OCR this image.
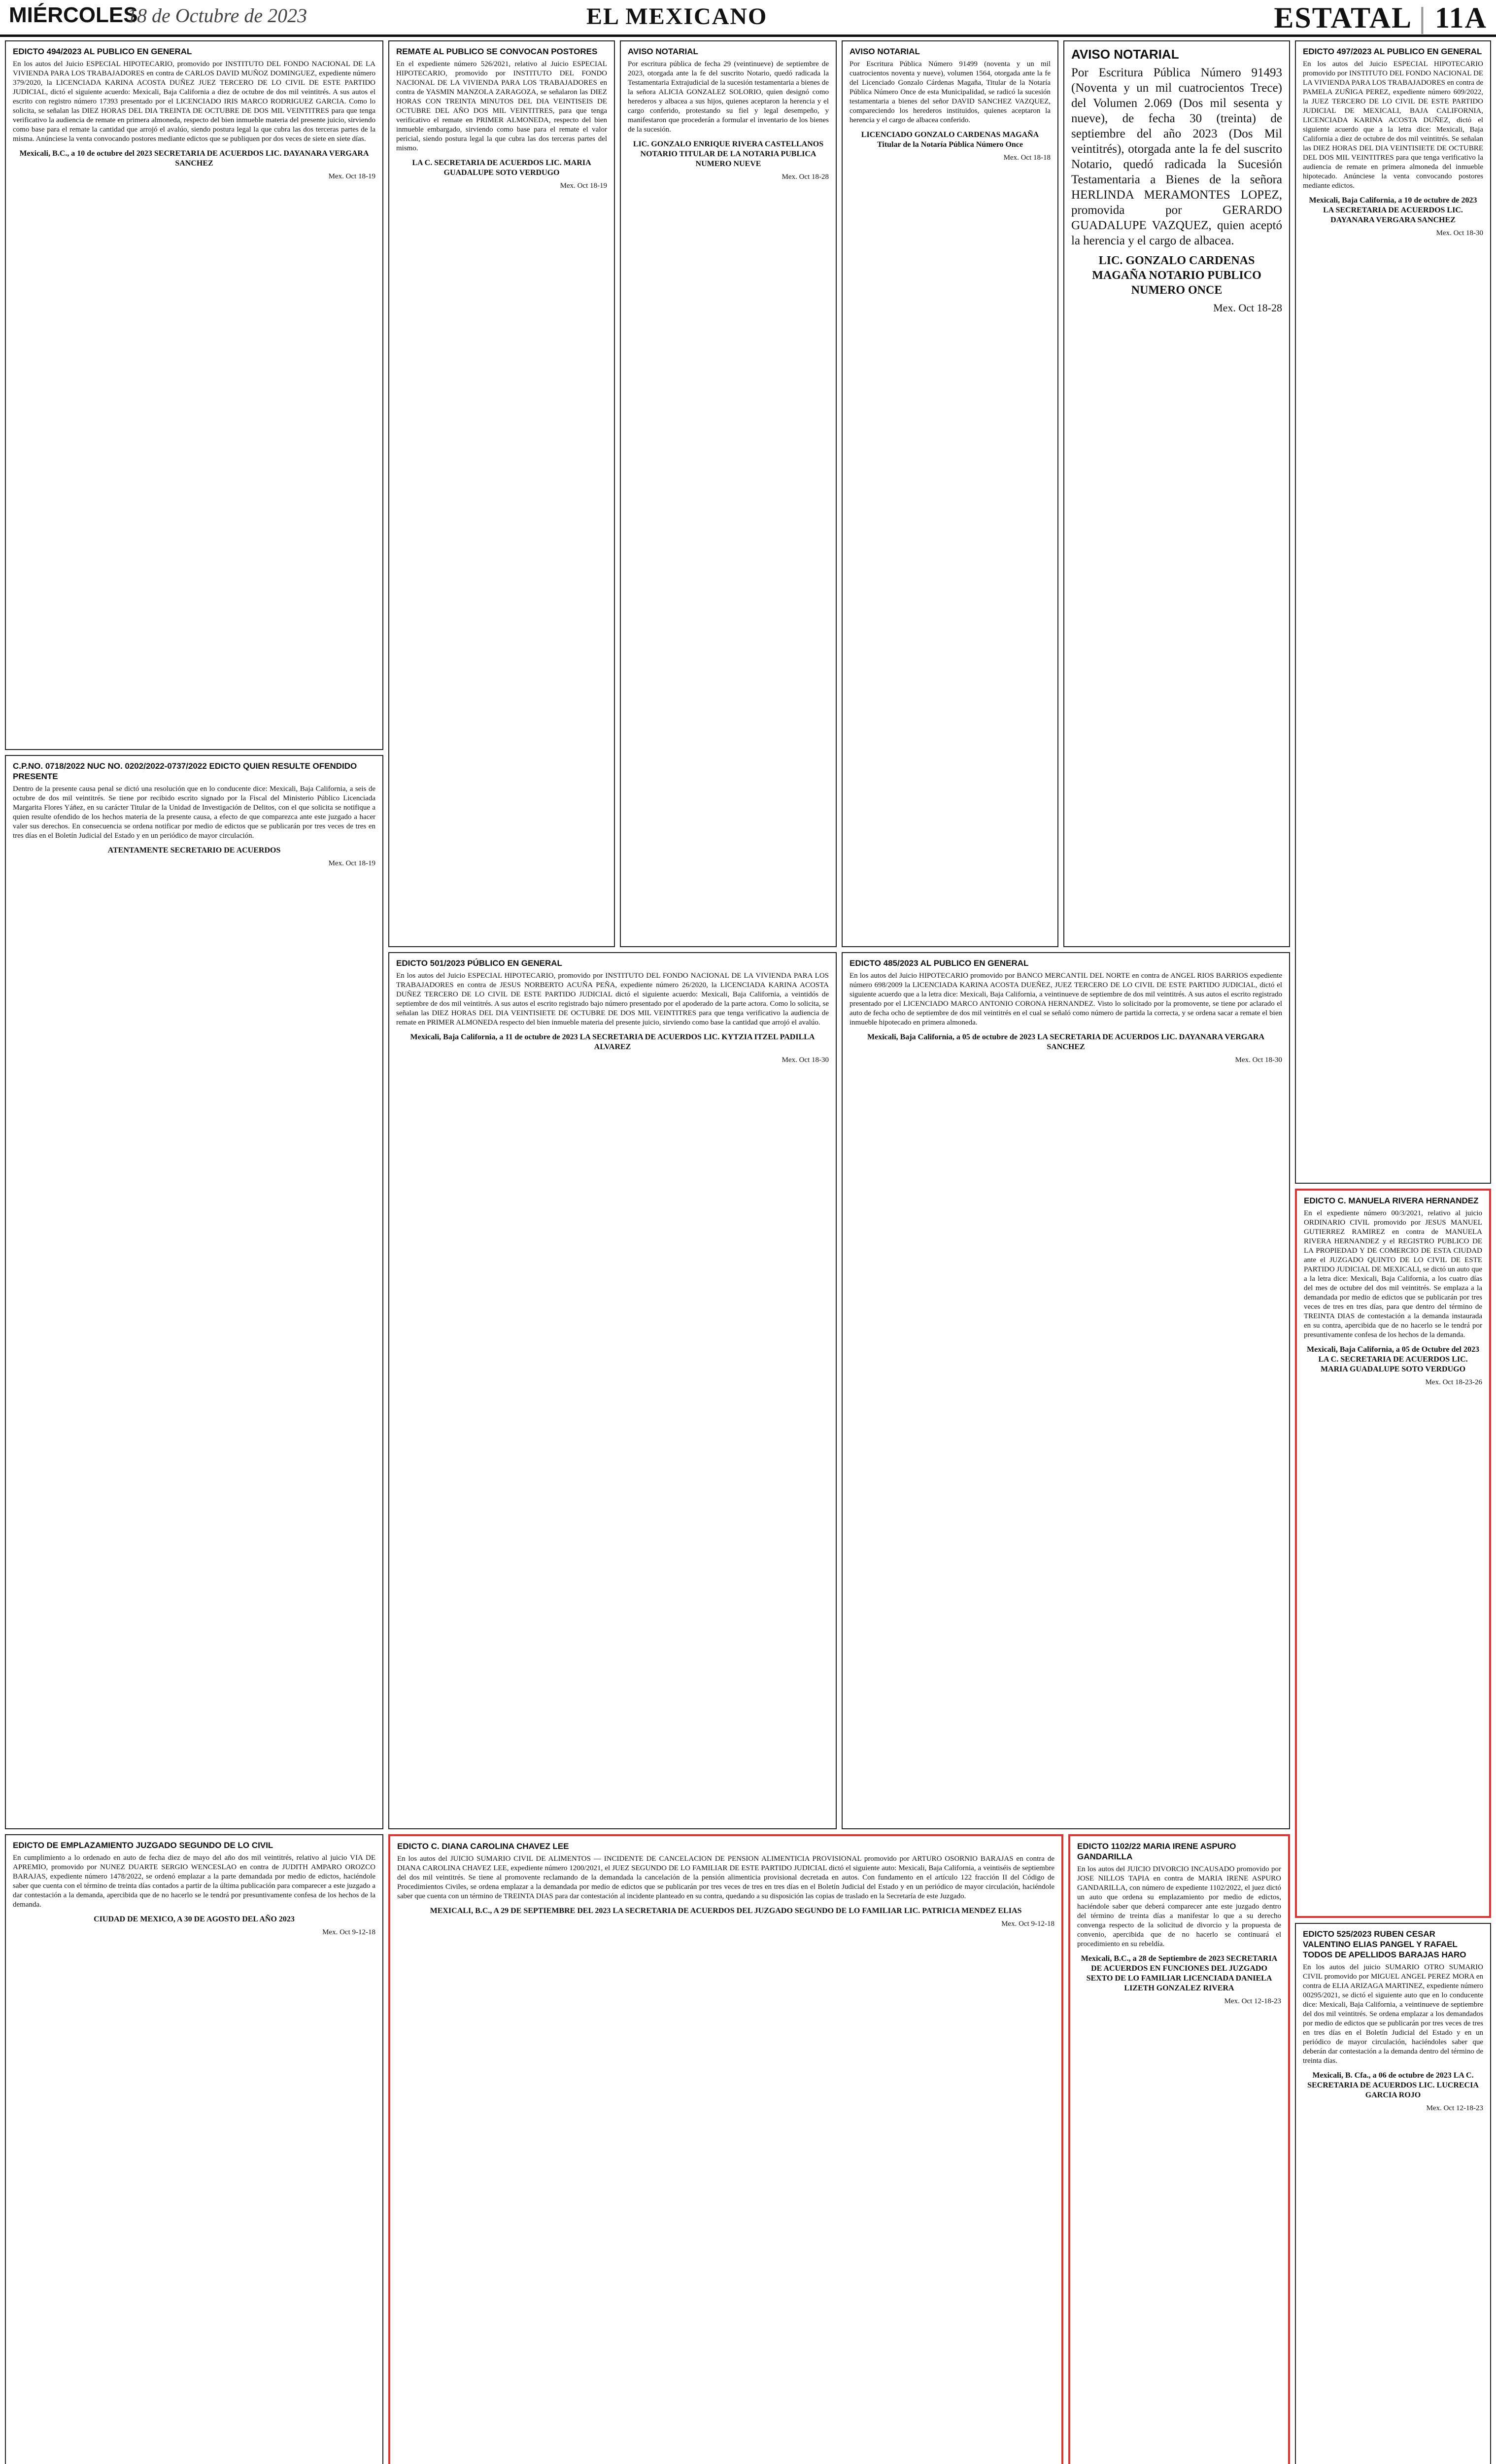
MIÉRCOLES
18 de Octubre de 2023	EL MEXICANO	ESTATAL | 11A
EDICTO 494/2023 AL PUBLICO EN GENERAL
En los autos del Juicio ESPECIAL HIPOTECARIO, promovido por INSTITUTO DEL FONDO NACIONAL DE LA VIVIENDA PARA LOS TRABAJADORES en contra de CARLOS DAVID MUÑOZ DOMINGUEZ, expediente número 379/2020, la LICENCIADA KARINA ACOSTA DUÑEZ JUEZ TERCERO DE LO CIVIL DE ESTE PARTIDO JUDICIAL, dictó el siguiente acuerdo: Mexicali, Baja California a diez de octubre de dos mil veintitrés. A sus autos el escrito con registro número 17393 presentado por el LICENCIADO IRIS MARCO RODRIGUEZ GARCIA. Como lo solicita, se señalan las DIEZ HORAS DEL DIA TREINTA DE OCTUBRE DE DOS MIL VEINTITRES para que tenga verificativo la audiencia de remate en primera almoneda, respecto del bien inmueble materia del presente juicio, sirviendo como base para el remate la cantidad que arrojó el avalúo, siendo postura legal la que cubra las dos terceras partes de la misma. Anúnciese la venta convocando postores mediante edictos que se publiquen por dos veces de siete en siete días.
Mexicali, B.C., a 10 de octubre del 2023 SECRETARIA DE ACUERDOS LIC. DAYANARA VERGARA SANCHEZ
Mex. Oct 18-19
REMATE AL PUBLICO SE CONVOCAN POSTORES
En el expediente número 526/2021, relativo al Juicio ESPECIAL HIPOTECARIO, promovido por INSTITUTO DEL FONDO NACIONAL DE LA VIVIENDA PARA LOS TRABAJADORES en contra de YASMIN MANZOLA ZARAGOZA, se señalaron las DIEZ HORAS CON TREINTA MINUTOS DEL DIA VEINTISEIS DE OCTUBRE DEL AÑO DOS MIL VEINTITRES, para que tenga verificativo el remate en PRIMER ALMONEDA, respecto del bien inmueble embargado, sirviendo como base para el remate el valor pericial, siendo postura legal la que cubra las dos terceras partes del mismo.
LA C. SECRETARIA DE ACUERDOS LIC. MARIA GUADALUPE SOTO VERDUGO
Mex. Oct 18-19
AVISO NOTARIAL
Por escritura pública de fecha 29 (veintinueve) de septiembre de 2023, otorgada ante la fe del suscrito Notario, quedó radicada la Testamentaria Extrajudicial de la sucesión testamentaria a bienes de la señora ALICIA GONZALEZ SOLORIO, quien designó como herederos y albacea a sus hijos, quienes aceptaron la herencia y el cargo conferido, protestando su fiel y legal desempeño, y manifestaron que procederán a formular el inventario de los bienes de la sucesión.
LIC. GONZALO ENRIQUE RIVERA CASTELLANOS NOTARIO TITULAR DE LA NOTARIA PUBLICA NUMERO NUEVE
Mex. Oct 18-28
AVISO NOTARIAL
Por Escritura Pública Número 91499 (noventa y un mil cuatrocientos noventa y nueve), volumen 1564, otorgada ante la fe del Licenciado Gonzalo Cárdenas Magaña, Titular de la Notaría Pública Número Once de esta Municipalidad, se radicó la sucesión testamentaria a bienes del señor DAVID SANCHEZ VAZQUEZ, compareciendo los herederos instituidos, quienes aceptaron la herencia y el cargo de albacea conferido.
LICENCIADO GONZALO CARDENAS MAGAÑA Titular de la Notaría Pública Número Once
Mex. Oct 18-18
AVISO NOTARIAL
Por Escritura Pública Número 91493 (Noventa y un mil cuatrocientos Trece) del Volumen 2.069 (Dos mil sesenta y nueve), de fecha 30 (treinta) de septiembre del año 2023 (Dos Mil veintitrés), otorgada ante la fe del suscrito Notario, quedó radicada la Sucesión Testamentaria a Bienes de la señora HERLINDA MERAMONTES LOPEZ, promovida por GERARDO GUADALUPE VAZQUEZ, quien aceptó la herencia y el cargo de albacea.
LIC. GONZALO CARDENAS MAGAÑA NOTARIO PUBLICO NUMERO ONCE
Mex. Oct 18-28
EDICTO 497/2023 AL PUBLICO EN GENERAL
En los autos del Juicio ESPECIAL HIPOTECARIO promovido por INSTITUTO DEL FONDO NACIONAL DE LA VIVIENDA PARA LOS TRABAJADORES en contra de PAMELA ZUÑIGA PEREZ, expediente número 609/2022, la JUEZ TERCERO DE LO CIVIL DE ESTE PARTIDO JUDICIAL DE MEXICALI, BAJA CALIFORNIA, LICENCIADA KARINA ACOSTA DUÑEZ, dictó el siguiente acuerdo que a la letra dice: Mexicali, Baja California a diez de octubre de dos mil veintitrés. Se señalan las DIEZ HORAS DEL DIA VEINTISIETE DE OCTUBRE DEL DOS MIL VEINTITRES para que tenga verificativo la audiencia de remate en primera almoneda del inmueble hipotecado. Anúnciese la venta convocando postores mediante edictos.
Mexicali, Baja California, a 10 de octubre de 2023 LA SECRETARIA DE ACUERDOS LIC. DAYANARA VERGARA SANCHEZ
Mex. Oct 18-30
C.P.NO. 0718/2022 NUC NO. 0202/2022-0737/2022 EDICTO QUIEN RESULTE OFENDIDO PRESENTE
Dentro de la presente causa penal se dictó una resolución que en lo conducente dice: Mexicali, Baja California, a seis de octubre de dos mil veintitrés. Se tiene por recibido escrito signado por la Fiscal del Ministerio Público Licenciada Margarita Flores Yáñez, en su carácter Titular de la Unidad de Investigación de Delitos, con el que solicita se notifique a quien resulte ofendido de los hechos materia de la presente causa, a efecto de que comparezca ante este juzgado a hacer valer sus derechos. En consecuencia se ordena notificar por medio de edictos que se publicarán por tres veces de tres en tres días en el Boletín Judicial del Estado y en un periódico de mayor circulación.
ATENTAMENTE SECRETARIO DE ACUERDOS
Mex. Oct 18-19
EDICTO 501/2023 PÚBLICO EN GENERAL
En los autos del Juicio ESPECIAL HIPOTECARIO, promovido por INSTITUTO DEL FONDO NACIONAL DE LA VIVIENDA PARA LOS TRABAJADORES en contra de JESUS NORBERTO ACUÑA PEÑA, expediente número 26/2020, la LICENCIADA KARINA ACOSTA DUÑEZ TERCERO DE LO CIVIL DE ESTE PARTIDO JUDICIAL dictó el siguiente acuerdo: Mexicali, Baja California, a veintidós de septiembre de dos mil veintitrés. A sus autos el escrito registrado bajo número presentado por el apoderado de la parte actora. Como lo solicita, se señalan las DIEZ HORAS DEL DIA VEINTISIETE DE OCTUBRE DE DOS MIL VEINTITRES para que tenga verificativo la audiencia de remate en PRIMER ALMONEDA respecto del bien inmueble materia del presente juicio, sirviendo como base la cantidad que arrojó el avalúo.
Mexicali, Baja California, a 11 de octubre de 2023 LA SECRETARIA DE ACUERDOS LIC. KYTZIA ITZEL PADILLA ALVAREZ
Mex. Oct 18-30
EDICTO 485/2023 AL PUBLICO EN GENERAL
En los autos del Juicio HIPOTECARIO promovido por BANCO MERCANTIL DEL NORTE en contra de ANGEL RIOS BARRIOS expediente número 698/2009 la LICENCIADA KARINA ACOSTA DUEÑEZ, JUEZ TERCERO DE LO CIVIL DE ESTE PARTIDO JUDICIAL, dictó el siguiente acuerdo que a la letra dice: Mexicali, Baja California, a veintinueve de septiembre de dos mil veintitrés. A sus autos el escrito registrado presentado por el LICENCIADO MARCO ANTONIO CORONA HERNANDEZ. Visto lo solicitado por la promovente, se tiene por aclarado el auto de fecha ocho de septiembre de dos mil veintitrés en el cual se señaló como número de partida la correcta, y se ordena sacar a remate el bien inmueble hipotecado en primera almoneda.
Mexicali, Baja California, a 05 de octubre de 2023 LA SECRETARIA DE ACUERDOS LIC. DAYANARA VERGARA SANCHEZ
Mex. Oct 18-30
EDICTO C. MANUELA RIVERA HERNANDEZ
En el expediente número 00/3/2021, relativo al juicio ORDINARIO CIVIL promovido por JESUS MANUEL GUTIERREZ RAMIREZ en contra de MANUELA RIVERA HERNANDEZ y el REGISTRO PUBLICO DE LA PROPIEDAD Y DE COMERCIO DE ESTA CIUDAD ante el JUZGADO QUINTO DE LO CIVIL DE ESTE PARTIDO JUDICIAL DE MEXICALI, se dictó un auto que a la letra dice: Mexicali, Baja California, a los cuatro días del mes de octubre del dos mil veintitrés. Se emplaza a la demandada por medio de edictos que se publicarán por tres veces de tres en tres días, para que dentro del término de TREINTA DIAS de contestación a la demanda instaurada en su contra, apercibida que de no hacerlo se le tendrá por presuntivamente confesa de los hechos de la demanda.
Mexicali, Baja California, a 05 de Octubre del 2023 LA C. SECRETARIA DE ACUERDOS LIC. MARIA GUADALUPE SOTO VERDUGO
Mex. Oct 18-23-26
EDICTO DE EMPLAZAMIENTO JUZGADO SEGUNDO DE LO CIVIL
En cumplimiento a lo ordenado en auto de fecha diez de mayo del año dos mil veintitrés, relativo al juicio VIA DE APREMIO, promovido por NUNEZ DUARTE SERGIO WENCESLAO en contra de JUDITH AMPARO OROZCO BARAJAS, expediente número 1478/2022, se ordenó emplazar a la parte demandada por medio de edictos, haciéndole saber que cuenta con el término de treinta días contados a partir de la última publicación para comparecer a este juzgado a dar contestación a la demanda, apercibida que de no hacerlo se le tendrá por presuntivamente confesa de los hechos de la demanda.
CIUDAD DE MEXICO, A 30 DE AGOSTO DEL AÑO 2023
Mex. Oct 9-12-18
EDICTO C. DIANA CAROLINA CHAVEZ LEE
En los autos del JUICIO SUMARIO CIVIL DE ALIMENTOS — INCIDENTE DE CANCELACION DE PENSION ALIMENTICIA PROVISIONAL promovido por ARTURO OSORNIO BARAJAS en contra de DIANA CAROLINA CHAVEZ LEE, expediente número 1200/2021, el JUEZ SEGUNDO DE LO FAMILIAR DE ESTE PARTIDO JUDICIAL dictó el siguiente auto: Mexicali, Baja California, a veintiséis de septiembre del dos mil veintitrés. Se tiene al promovente reclamando de la demandada la cancelación de la pensión alimenticia provisional decretada en autos. Con fundamento en el artículo 122 fracción II del Código de Procedimientos Civiles, se ordena emplazar a la demandada por medio de edictos que se publicarán por tres veces de tres en tres días en el Boletín Judicial del Estado y en un periódico de mayor circulación, haciéndole saber que cuenta con un término de TREINTA DIAS para dar contestación al incidente planteado en su contra, quedando a su disposición las copias de traslado en la Secretaría de este Juzgado.
MEXICALI, B.C., A 29 DE SEPTIEMBRE DEL 2023 LA SECRETARIA DE ACUERDOS DEL JUZGADO SEGUNDO DE LO FAMILIAR LIC. PATRICIA MENDEZ ELIAS
Mex. Oct 9-12-18
EDICTO 1102/22 MARIA IRENE ASPURO GANDARILLA
En los autos del JUICIO DIVORCIO INCAUSADO promovido por JOSE NILLOS TAPIA en contra de MARIA IRENE ASPURO GANDARILLA, con número de expediente 1102/2022, el juez dictó un auto que ordena su emplazamiento por medio de edictos, haciéndole saber que deberá comparecer ante este juzgado dentro del término de treinta días a manifestar lo que a su derecho convenga respecto de la solicitud de divorcio y la propuesta de convenio, apercibida que de no hacerlo se continuará el procedimiento en su rebeldía.
Mexicali, B.C., a 28 de Septiembre de 2023 SECRETARIA DE ACUERDOS EN FUNCIONES DEL JUZGADO SEXTO DE LO FAMILIAR LICENCIADA DANIELA LIZETH GONZALEZ RIVERA
Mex. Oct 12-18-23
EDICTO 525/2023 RUBEN CESAR VALENTINO ELIAS PANGEL Y RAFAEL TODOS DE APELLIDOS BARAJAS HARO
En los autos del juicio SUMARIO OTRO SUMARIO CIVIL promovido por MIGUEL ANGEL PEREZ MORA en contra de ELIA ARIZAGA MARTINEZ, expediente número 00295/2021, se dictó el siguiente auto que en lo conducente dice: Mexicali, Baja California, a veintinueve de septiembre del dos mil veintitrés. Se ordena emplazar a los demandados por medio de edictos que se publicarán por tres veces de tres en tres días en el Boletín Judicial del Estado y en un periódico de mayor circulación, haciéndoles saber que deberán dar contestación a la demanda dentro del término de treinta días.
Mexicali, B. Cfa., a 06 de octubre de 2023 LA C. SECRETARIA DE ACUERDOS LIC. LUCRECIA GARCIA ROJO
Mex. Oct 12-18-23
